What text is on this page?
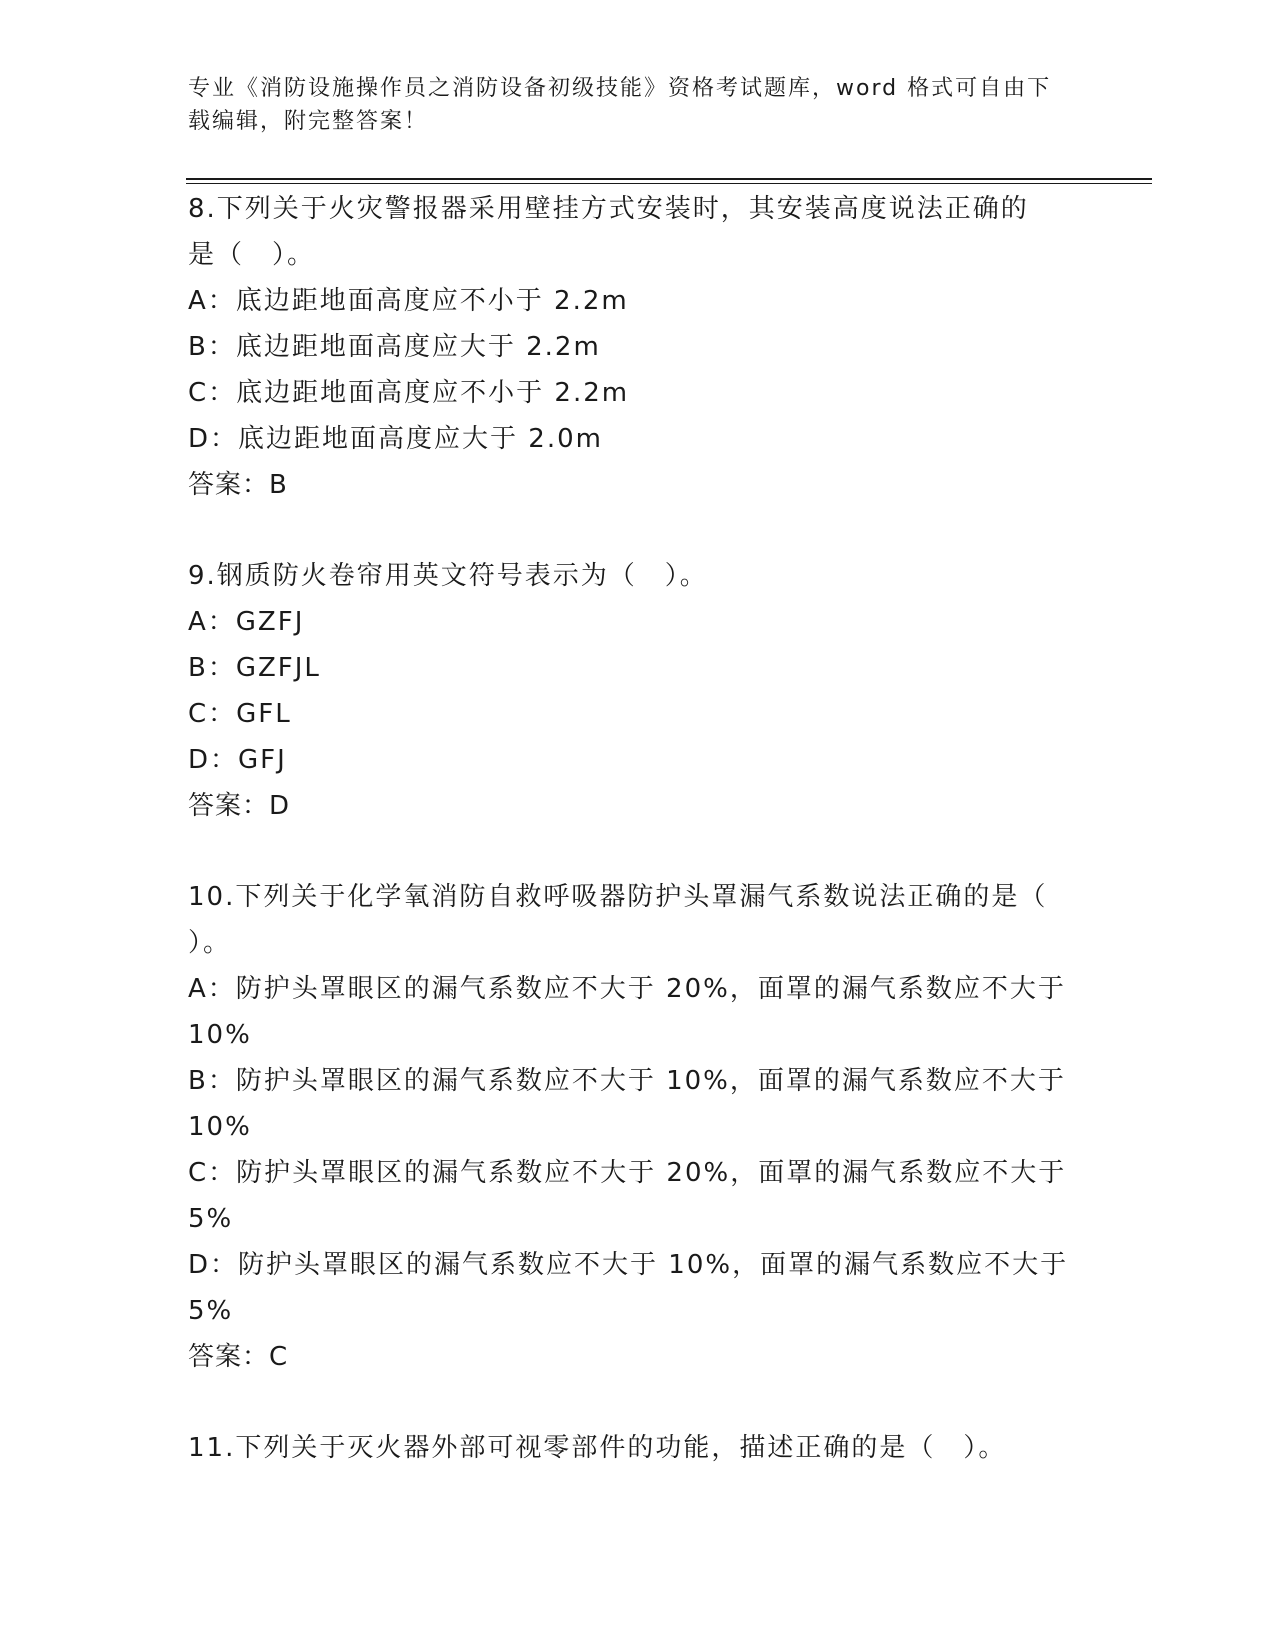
专业《消防设施操作员之消防设备初级技能》资格考试题库，word 格式可自由下
载编辑，附完整答案！
8.下列关于火灾警报器采用壁挂方式安装时，其安装高度说法正确的
是（　）。
A：底边距地面高度应不小于 2.2m
B：底边距地面高度应大于 2.2m
C：底边距地面高度应不小于 2.2m
D：底边距地面高度应大于 2.0m
答案：B
9.钢质防火卷帘用英文符号表示为（　）。
A：GZFJ
B：GZFJL
C：GFL
D：GFJ
答案：D
10.下列关于化学氧消防自救呼吸器防护头罩漏气系数说法正确的是（
）。
A：防护头罩眼区的漏气系数应不大于 20%，面罩的漏气系数应不大于
10%
B：防护头罩眼区的漏气系数应不大于 10%，面罩的漏气系数应不大于
10%
C：防护头罩眼区的漏气系数应不大于 20%，面罩的漏气系数应不大于
5%
D：防护头罩眼区的漏气系数应不大于 10%，面罩的漏气系数应不大于
5%
答案：C
11.下列关于灭火器外部可视零部件的功能，描述正确的是（　）。
